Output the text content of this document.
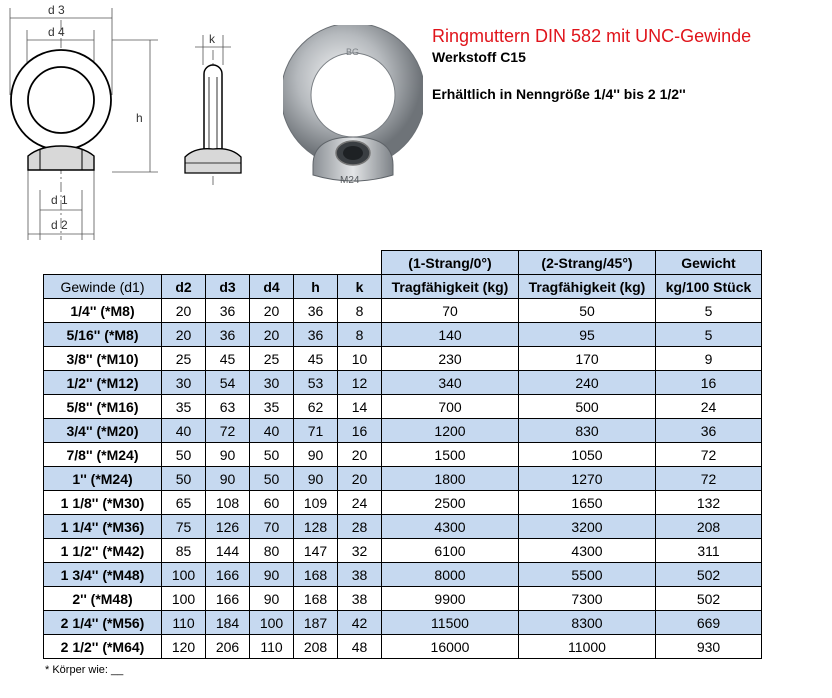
Ringmuttern DIN 582 mit UNC-Gewinde
Werkstoff C15
Erhältlich in Nenngröße 1/4'' bis 2 1/2''
d 3
d 4
h
d 1
d 2
k
BG
M24
						(1-Strang/0°)	(2-Strang/45°)	Gewicht
Gewinde (d1)	d2	d3	d4	h	k	Tragfähigkeit (kg)	Tragfähigkeit (kg)	kg/100 Stück
1/4'' (*M8)	20	36	20	36	8	70	50	5
5/16'' (*M8)	20	36	20	36	8	140	95	5
3/8'' (*M10)	25	45	25	45	10	230	170	9
1/2'' (*M12)	30	54	30	53	12	340	240	16
5/8'' (*M16)	35	63	35	62	14	700	500	24
3/4'' (*M20)	40	72	40	71	16	1200	830	36
7/8'' (*M24)	50	90	50	90	20	1500	1050	72
1'' (*M24)	50	90	50	90	20	1800	1270	72
1 1/8'' (*M30)	65	108	60	109	24	2500	1650	132
1 1/4'' (*M36)	75	126	70	128	28	4300	3200	208
1 1/2'' (*M42)	85	144	80	147	32	6100	4300	311
1 3/4'' (*M48)	100	166	90	168	38	8000	5500	502
2'' (*M48)	100	166	90	168	38	9900	7300	502
2 1/4'' (*M56)	110	184	100	187	42	11500	8300	669
2 1/2'' (*M64)	120	206	110	208	48	16000	11000	930
* Körper wie: __
